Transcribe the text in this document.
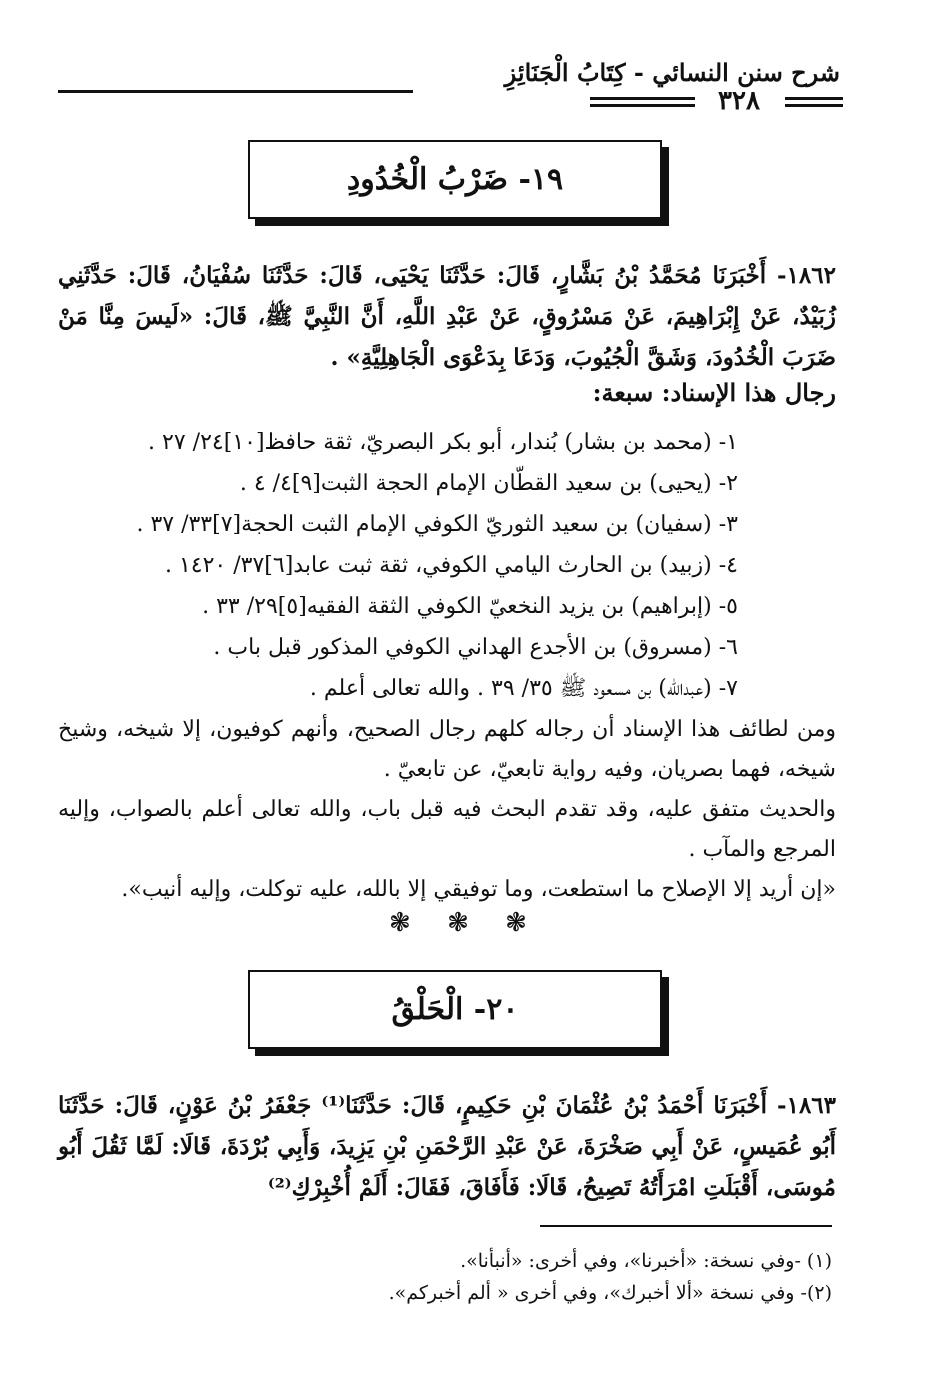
شرح سنن النسائي - كِتَابُ الْجَنَائِزِ
٣٢٨
١٩- ضَرْبُ الْخُدُودِ
١٨٦٢- أَخْبَرَنَا مُحَمَّدُ بْنُ بَشَّارٍ، قَالَ: حَدَّثَنَا يَحْيَى، قَالَ: حَدَّثَنَا سُفْيَانُ، قَالَ: حَدَّثَنِي زُبَيْدٌ، عَنْ إِبْرَاهِيمَ، عَنْ مَسْرُوقٍ، عَنْ عَبْدِ اللَّهِ، أَنَّ النَّبِيَّ ﷺ، قَالَ: «لَيسَ مِنَّا مَنْ ضَرَبَ الْخُدُودَ، وَشَقَّ الْجُيُوبَ، وَدَعَا بِدَعْوَى الْجَاهِلِيَّةِ» .
رجال هذا الإسناد: سبعة:
١- (محمد بن بشار) بُندار، أبو بكر البصريّ، ثقة حافظ[١٠]٢٤/ ٢٧ .
٢- (يحيى) بن سعيد القطّان الإمام الحجة الثبت[٩]٤/ ٤ .
٣- (سفيان) بن سعيد الثوريّ الكوفي الإمام الثبت الحجة[٧]٣٣/ ٣٧ .
٤- (زبيد) بن الحارث اليامي الكوفي، ثقة ثبت عابد[٦]٣٧/ ١٤٢٠ .
٥- (إبراهيم) بن يزيد النخعيّ الكوفي الثقة الفقيه[٥]٢٩/ ٣٣ .
٦- (مسروق) بن الأجدع الهداني الكوفي المذكور قبل باب .
٧- (عبدالله) بن مسعود ﷺ ٣٥/ ٣٩ . والله تعالى أعلم .
ومن لطائف هذا الإسناد أن رجاله كلهم رجال الصحيح، وأنهم كوفيون، إلا شيخه، وشيخ شيخه، فهما بصريان، وفيه رواية تابعيّ، عن تابعيّ .
والحديث متفق عليه، وقد تقدم البحث فيه قبل باب، والله تعالى أعلم بالصواب، وإليه المرجع والمآب .
«إن أريد إلا الإصلاح ما استطعت، وما توفيقي إلا بالله، عليه توكلت، وإليه أنيب».
❃ ❃ ❃
٢٠- الْحَلْقُ
١٨٦٣- أَخْبَرَنَا أَحْمَدُ بْنُ عُثْمَانَ بْنِ حَكِيمٍ، قَالَ: حَدَّثَنَا⁽¹⁾ جَعْفَرُ بْنُ عَوْنٍ، قَالَ: حَدَّثَنَا أَبُو عُمَيسٍ، عَنْ أَبِي صَخْرَةَ، عَنْ عَبْدِ الرَّحْمَنِ بْنِ يَزِيدَ، وَأَبِي بُرْدَةَ، قَالَا: لَمَّا ثَقُلَ أَبُو مُوسَى، أَقْبَلَتِ امْرَأَتُهُ تَصِيحُ، قَالَا: فَأَفَاقَ، فَقَالَ: أَلَمْ أُخْبِرْكِ⁽²⁾
(١) -وفي نسخة: «أخبرنا»، وفي أخرى: «أنبأنا».
(٢)- وفي نسخة «ألا أخبرك»، وفي أخرى « ألم أخبركم».
